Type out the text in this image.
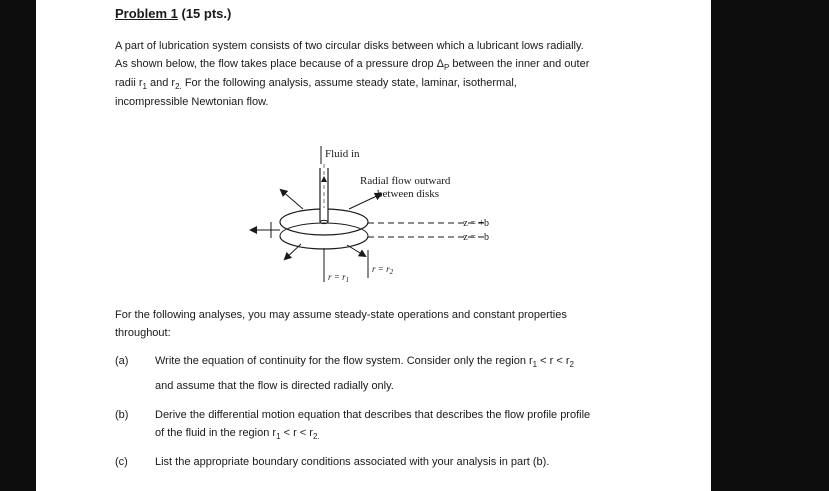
Problem 1 (15 pts.)
A part of lubrication system consists of two circular disks between which a lubricant lows radially.
As shown below, the flow takes place because of a pressure drop $\Delta_P$ between the inner and outer
radii $r_1$ and $r_{2.}$ For the following analysis, assume steady state, laminar, isothermal,
incompressible Newtonian flow.
Fluid in
Radial flow outward
between disks
z = +b
z = −b
$r = r_1$
$r = r_2$
For the following analyses, you may assume steady-state operations and constant properties
throughout:
(a) Write the equation of continuity for the flow system. Consider only the region $r_1 < r < r_2$
and assume that the flow is directed radially only.
(b) Derive the differential motion equation that describes that describes the flow profile profile
of the fluid in the region $r_1 < r < r_{2.}$
(c) List the appropriate boundary conditions associated with your analysis in part (b).
